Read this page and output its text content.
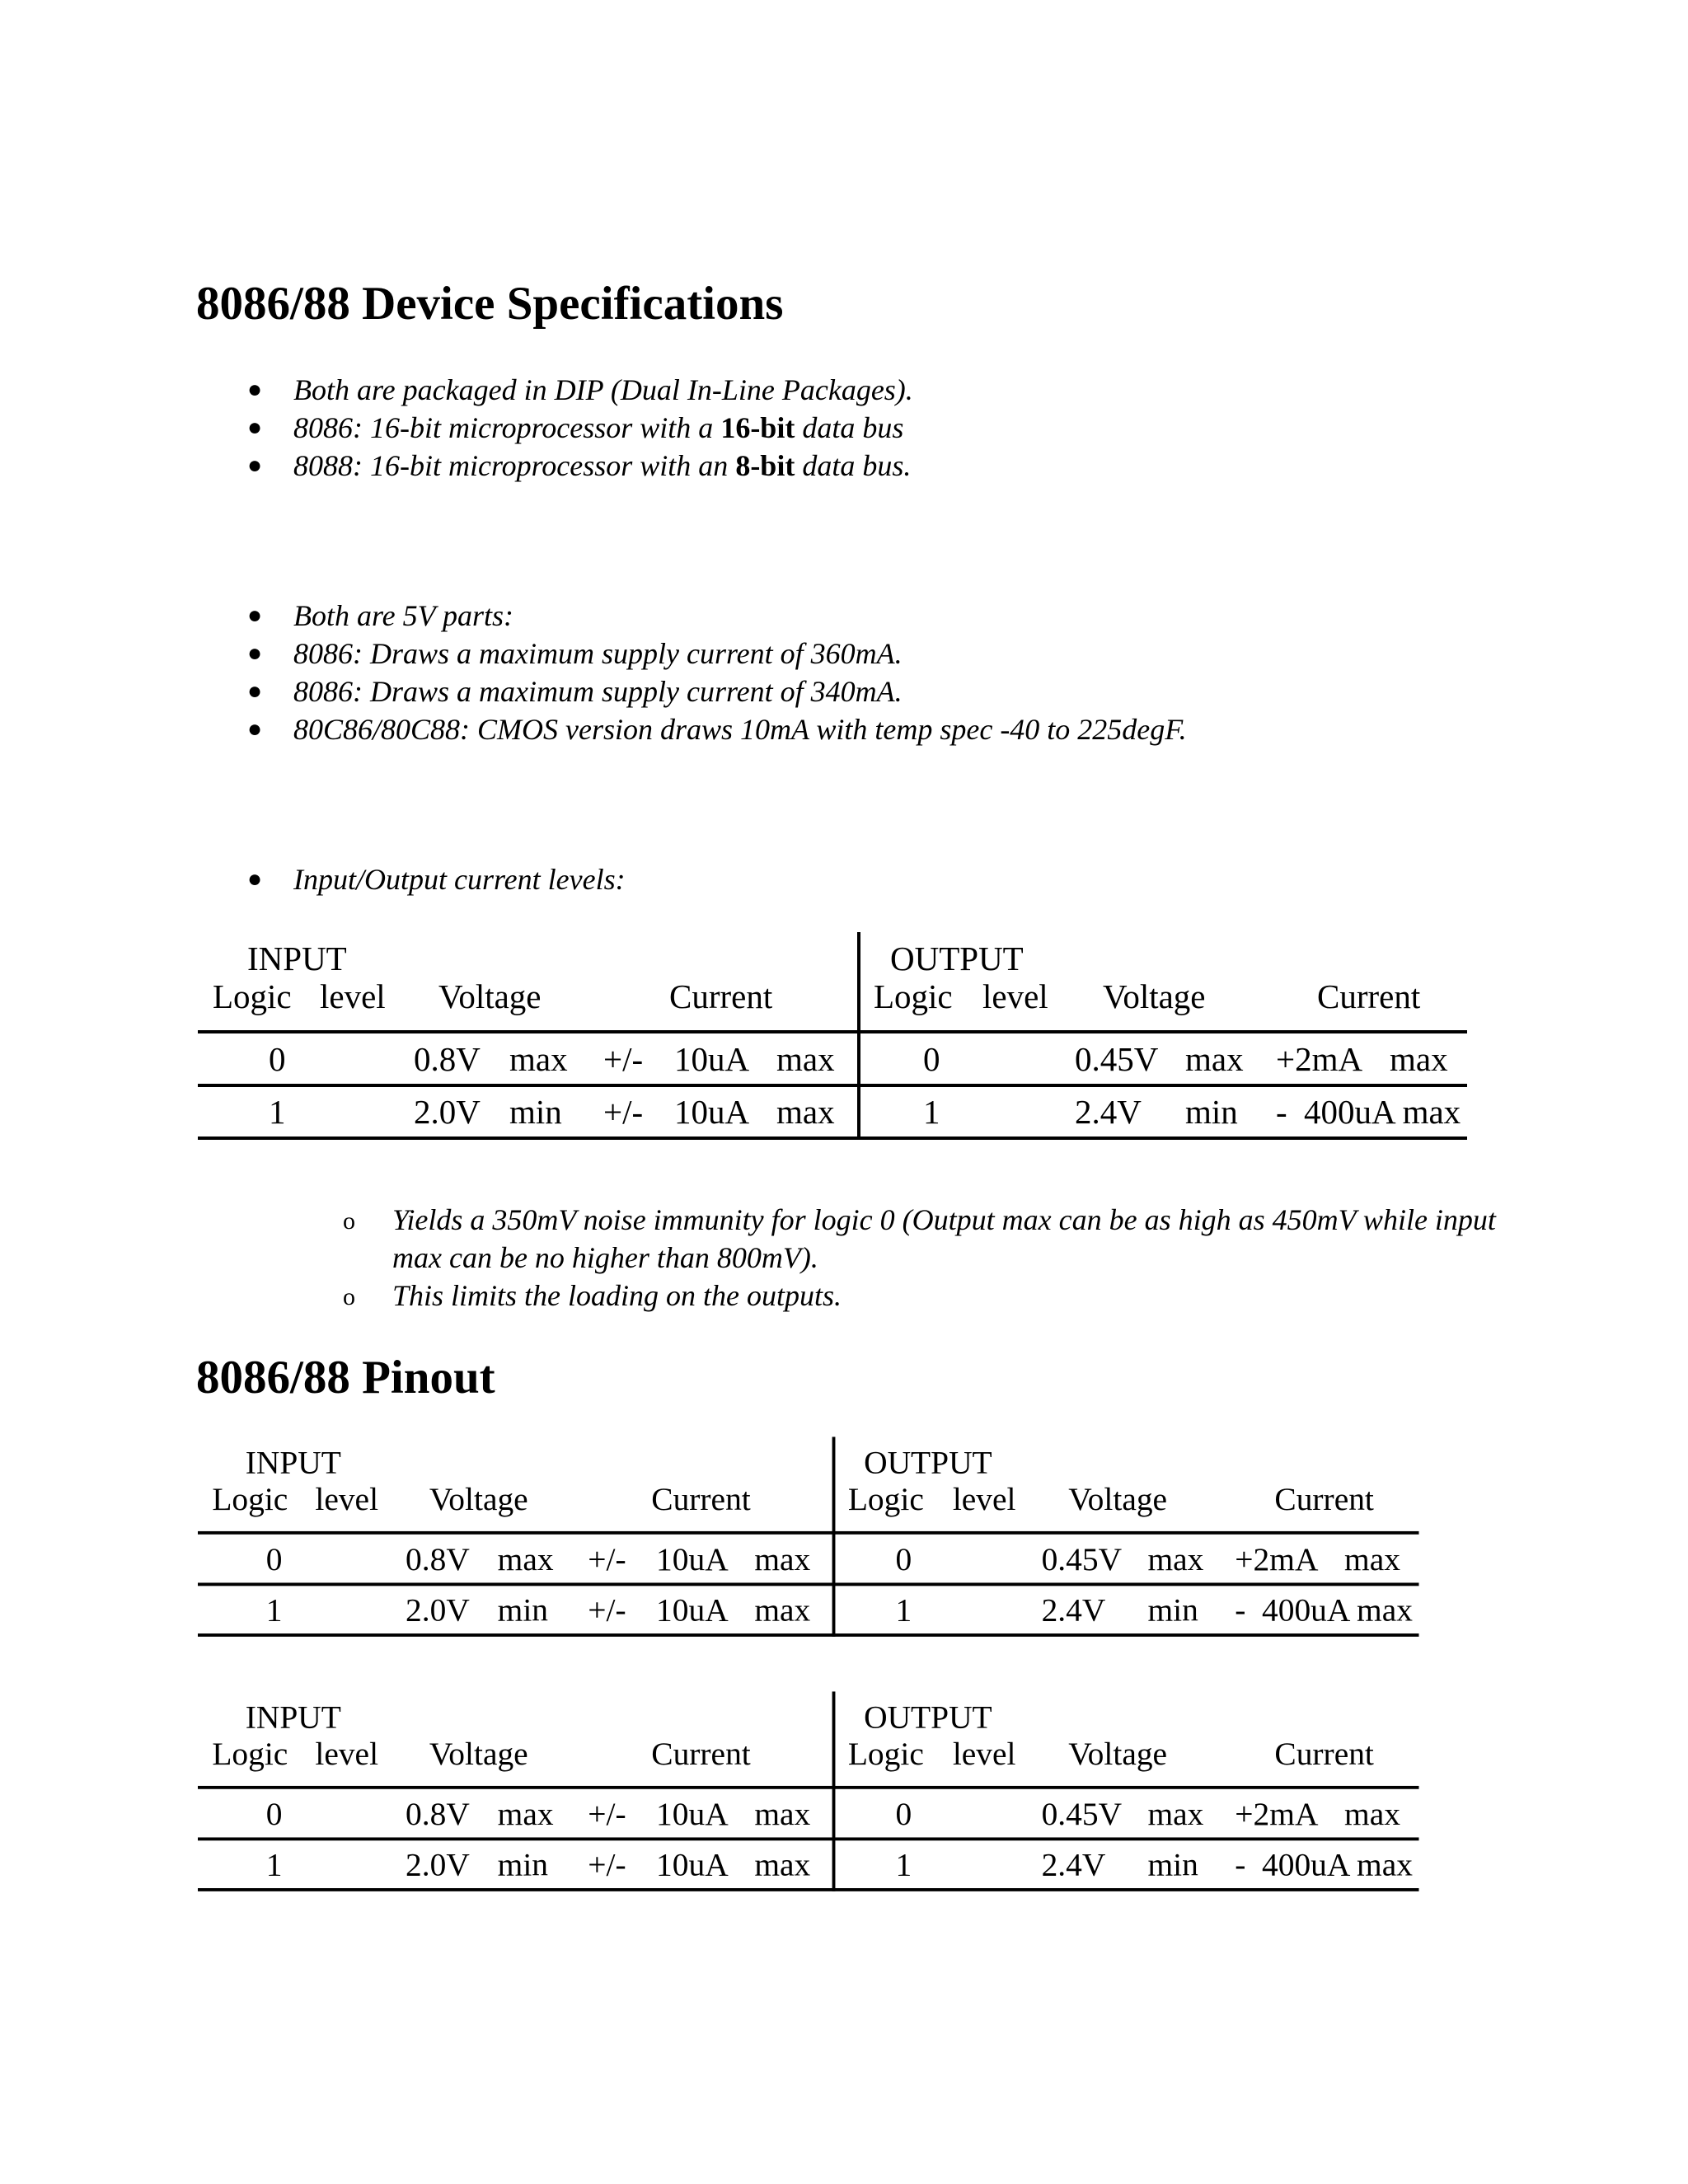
8086/88 Device Specifications
● Both are packaged in DIP (Dual In-Line Packages).
● 8086: 16-bit microprocessor with a 16-bit data bus
● 8088: 16-bit microprocessor with an 8-bit data bus.
● Both are 5V parts:
● 8086: Draws a maximum supply current of 360mA.
● 8086: Draws a maximum supply current of 340mA.
● 80C86/80C88: CMOS version draws 10mA with temp spec -40 to 225degF.
● Input/Output current levels:
o Yields a 350mV noise immunity for logic 0 (Output max can be as high as 450mV while input max can be no higher than 800mV).
o This limits the loading on the outputs.
8086/88 Pinout
INPUT
Logic level Voltage	Current
OUTPUT
Logic level Voltage	Current
0	0.8V max +/- 10uA max	0	0.45V max +2mA max
1	2.0V min +/- 10uA max	1	2.4V min - 400uA max
INPUT
Logic level Voltage	Current
OUTPUT
Logic level Voltage	Current
0	0.8V max +/- 10uA max	0	0.45V max +2mA max
1	2.0V min +/- 10uA max	1	2.4V min - 400uA max
INPUT
Logic level Voltage	Current
OUTPUT
Logic level Voltage	Current
0	0.8V max +/- 10uA max	0	0.45V max +2mA max
1	2.0V min +/- 10uA max	1	2.4V min - 400uA max
